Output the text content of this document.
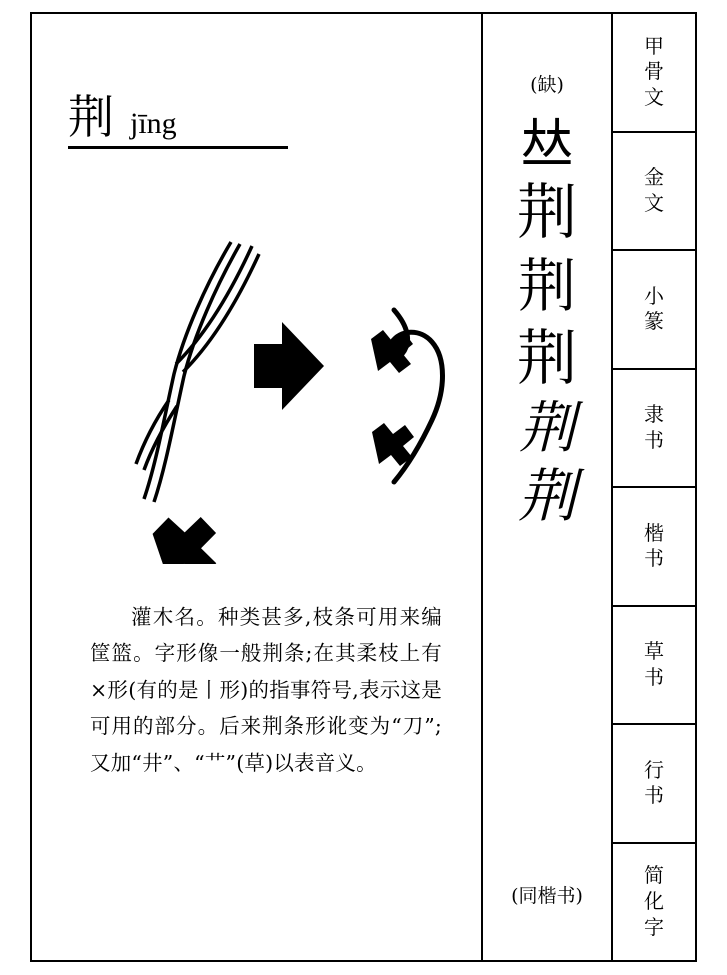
荆 jīng
灌木名。种类甚多,枝条可用来编筐篮。字形像一般荆条;在其柔枝上有×形(有的是丨形)的指事符号,表示这是可用的部分。后来荆条形讹变为“刀”;又加“井”、“艹”(草)以表音义。
(缺)
𠀤
荆
荆
荆
荆
荆
(同楷书)
甲骨文
金文
小篆
隶书
楷书
草书
行书
简化字
